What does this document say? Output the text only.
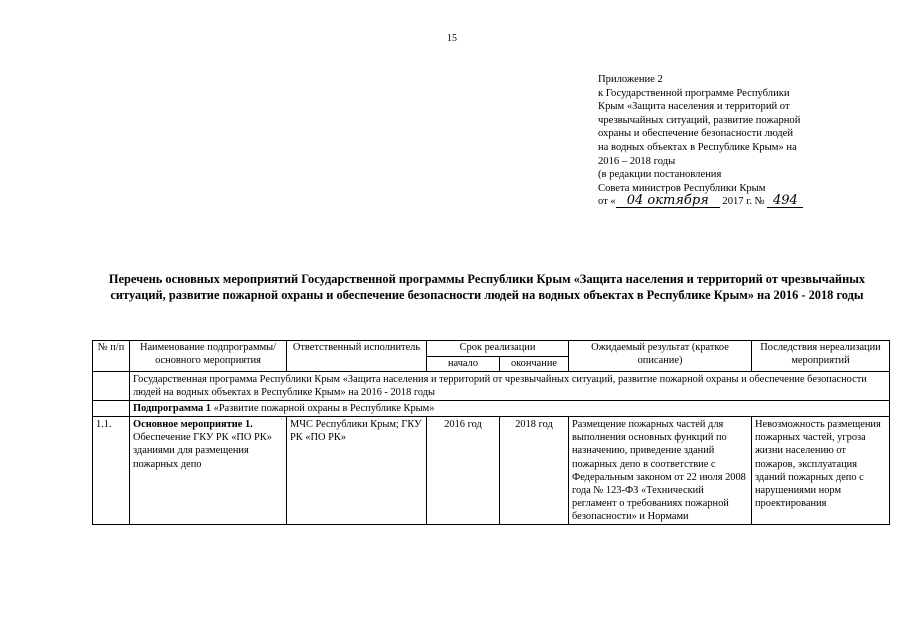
15
Приложение 2
к Государственной программе Республики
Крым «Защита населения и территорий от
чрезвычайных ситуаций, развитие пожарной
охраны и обеспечение безопасности людей
на водных объектах в Республике Крым» на
2016 – 2018 годы
(в редакции постановления
Совета министров Республики Крым
от « 04 октября 2017 г. № 494
Перечень основных мероприятий Государственной программы Республики Крым «Защита населения и территорий от чрезвычайных ситуаций, развитие пожарной охраны и обеспечение безопасности людей на водных объектах в Республике Крым» на 2016 - 2018 годы
№ п/п	Наименование подпрограммы/ основного мероприятия	Ответственный исполнитель	Срок реализации		Ожидаемый результат (краткое описание)	Последствия нереализации мероприятий
			начало	окончание		
	Государственная программа Республики Крым «Защита населения и территорий от чрезвычайных ситуаций, развитие пожарной охраны и обеспечение безопасности людей на водных объектах в Республике Крым» на 2016 - 2018 годы					
	Подпрограмма 1 «Развитие пожарной охраны в Республике Крым»					
1.1.	Основное мероприятие 1. Обеспечение ГКУ РК «ПО РК» зданиями для размещения пожарных депо	МЧС Республики Крым; ГКУ РК «ПО РК»	2016 год	2018 год	Размещение пожарных частей для выполнения основных функций по назначению, приведение зданий пожарных депо в соответствие с Федеральным законом от 22 июля 2008 года № 123-ФЗ «Технический регламент о требованиях пожарной безопасности» и Нормами	Невозможность размещения пожарных частей, угроза жизни населению от пожаров, эксплуатация зданий пожарных депо с нарушениями норм проектирования
